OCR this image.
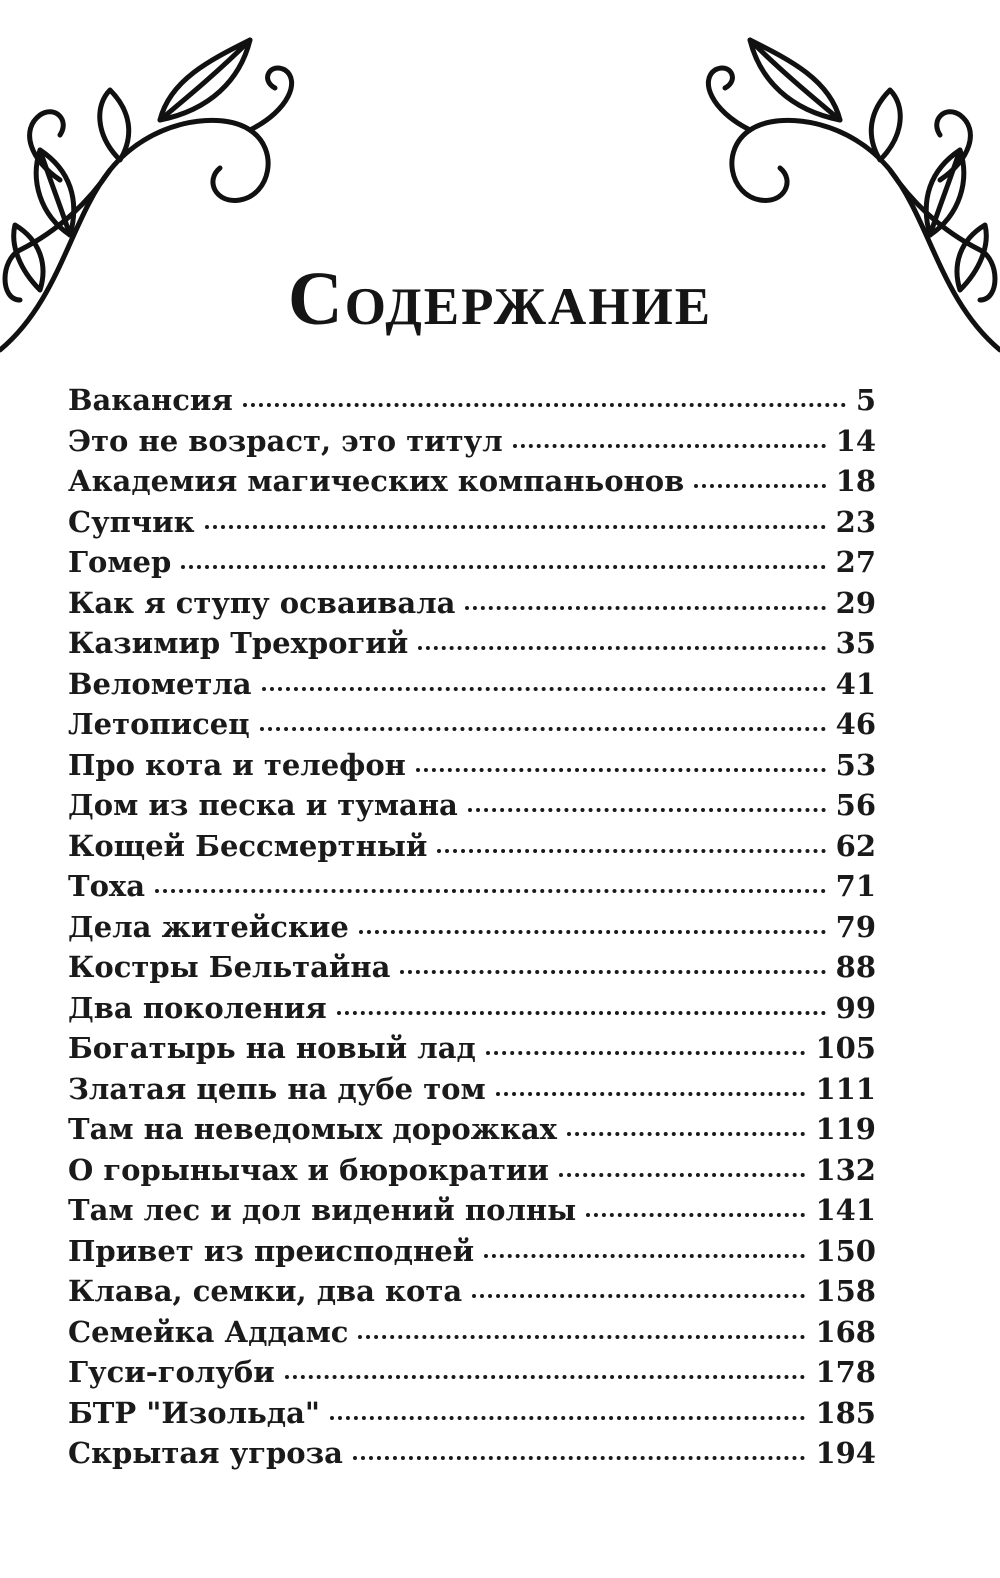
Содержание
Вакансия	5
Это не возраст, это титул	14
Академия магических компаньонов	18
Супчик	23
Гомер	27
Как я ступу осваивала	29
Казимир Трехрогий	35
Велометла	41
Летописец	46
Про кота и телефон	53
Дом из песка и тумана	56
Кощей Бессмертный	62
Тоха	71
Дела житейские	79
Костры Бельтайна	88
Два поколения	99
Богатырь на новый лад	105
Златая цепь на дубе том	111
Там на неведомых дорожках	119
О горынычах и бюрократии	132
Там лес и дол видений полны	141
Привет из преисподней	150
Клава, семки, два кота	158
Семейка Аддамс	168
Гуси-голуби	178
БТР "Изольда"	185
Скрытая угроза	194
